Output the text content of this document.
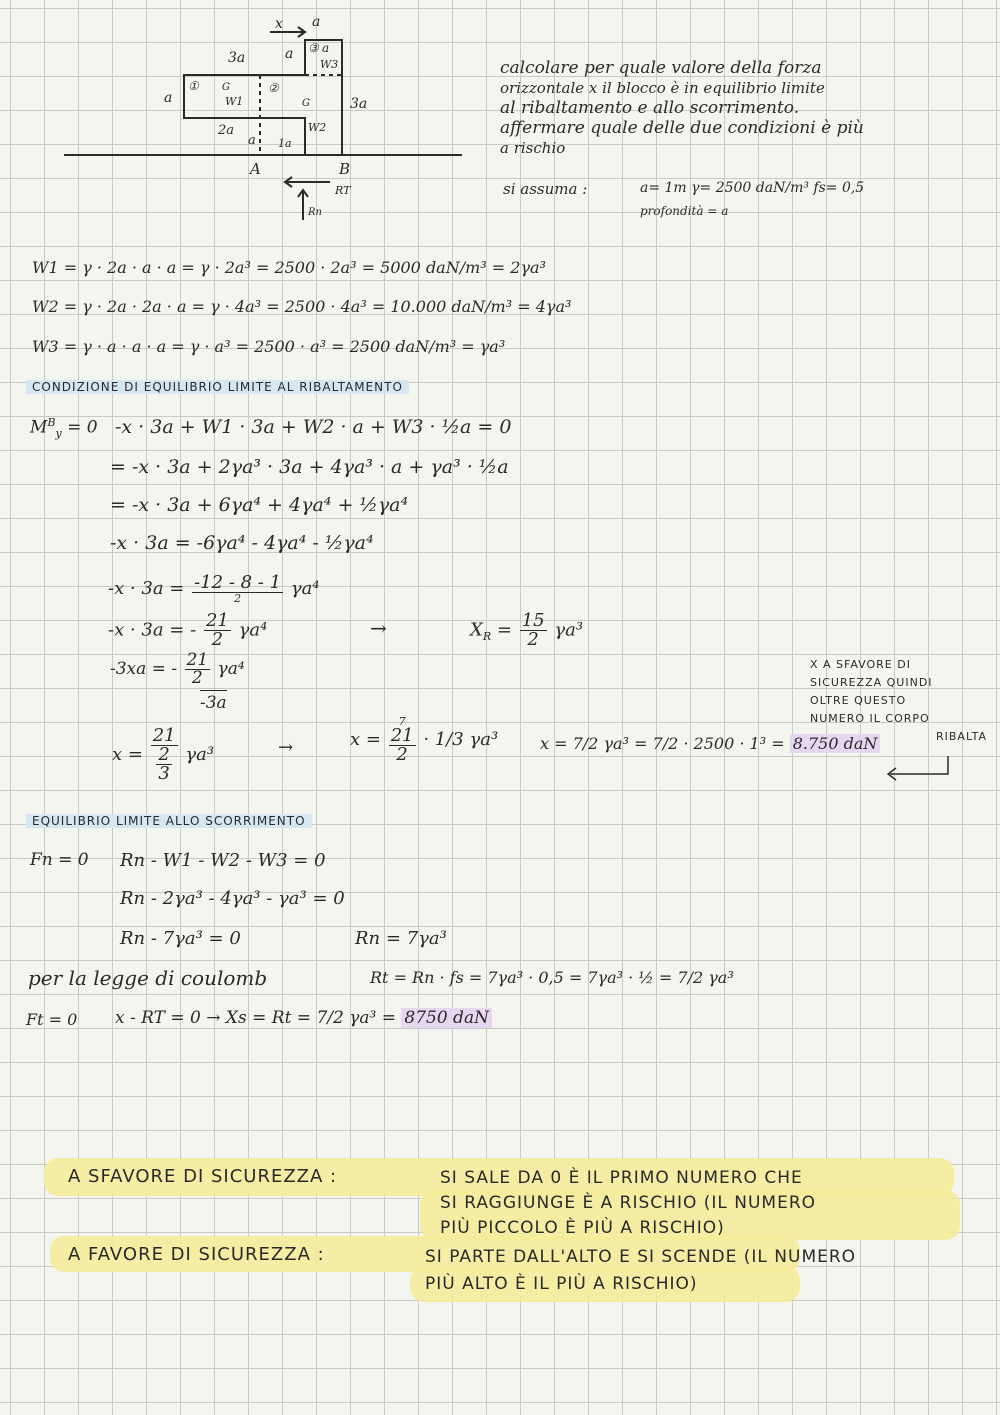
x a
3a	a ③ a
W3
a
① G
W1
②
G
W2
3a
2a
a 1a
A	B
RT
Rn
calcolare per quale valore della forza
orizzontale x il blocco è in equilibrio limite
al ribaltamento e allo scorrimento.
affermare quale delle due condizioni è più
a rischio
si assuma :	a= 1m γ= 2500 daN/m³ fs= 0,5
profondità = a
W1 = γ · 2a · a · a = γ · 2a³ = 2500 · 2a³ = 5000 daN/m³ = 2γa³
W2 = γ · 2a · 2a · a = γ · 4a³ = 2500 · 4a³ = 10.000 daN/m³ = 4γa³
W3 = γ · a · a · a = γ · a³ = 2500 · a³ = 2500 daN/m³ = γa³
CONDIZIONE DI EQUILIBRIO LIMITE AL RIBALTAMENTO
$M^B_y = 0$ -x · 3a + W1 · 3a + W2 · a + W3 · ½a = 0
= -x · 3a + 2γa³ · 3a + 4γa³ · a + γa³ · ½a
= -x · 3a + 6γa⁴ + 4γa⁴ + ½γa⁴
-x · 3a = -6γa⁴ - 4γa⁴ - ½γa⁴
$-x \cdot 3a = \frac{-12 - 8 - 1}{2} \gamma a^4$
-x · 3a = - $\frac{21}{2} \gamma a^4$	→	$X_R = \frac{15}{2} \gamma a^3$
-3xa = - $\frac{21}{2} \gamma a^4$
-3a
x =
21
2
3
γa³	→	x =
7
21
2
· 1/3 γa³	x = 7/2 γa³ = 7/2 · 2500 · 1³ = 8.750 daN	RIBALTA
X A SFAVORE DI
SICUREZZA QUINDI
OLTRE QUESTO
NUMERO IL CORPO
EQUILIBRIO LIMITE ALLO SCORRIMENTO
Fn = 0 Rn - W1 - W2 - W3 = 0
Rn - 2γa³ - 4γa³ - γa³ = 0
Rn - 7γa³ = 0	Rn = 7γa³
per la legge di coulomb	Rt = Rn · fs = 7γa³ · 0,5 = 7γa³ · ½ = 7/2 γa³
Ft = 0 x - RT = 0 → Xs = Rt = 7/2 γa³ = 8750 daN
A SFAVORE DI SICUREZZA :	SI SALE DA 0 È IL PRIMO NUMERO CHE
SI RAGGIUNGE È A RISCHIO (IL NUMERO
PIÙ PICCOLO È PIÙ A RISCHIO)
A FAVORE DI SICUREZZA :	SI PARTE DALL'ALTO E SI SCENDE (IL NUMERO
PIÙ ALTO È IL PIÙ A RISCHIO)
